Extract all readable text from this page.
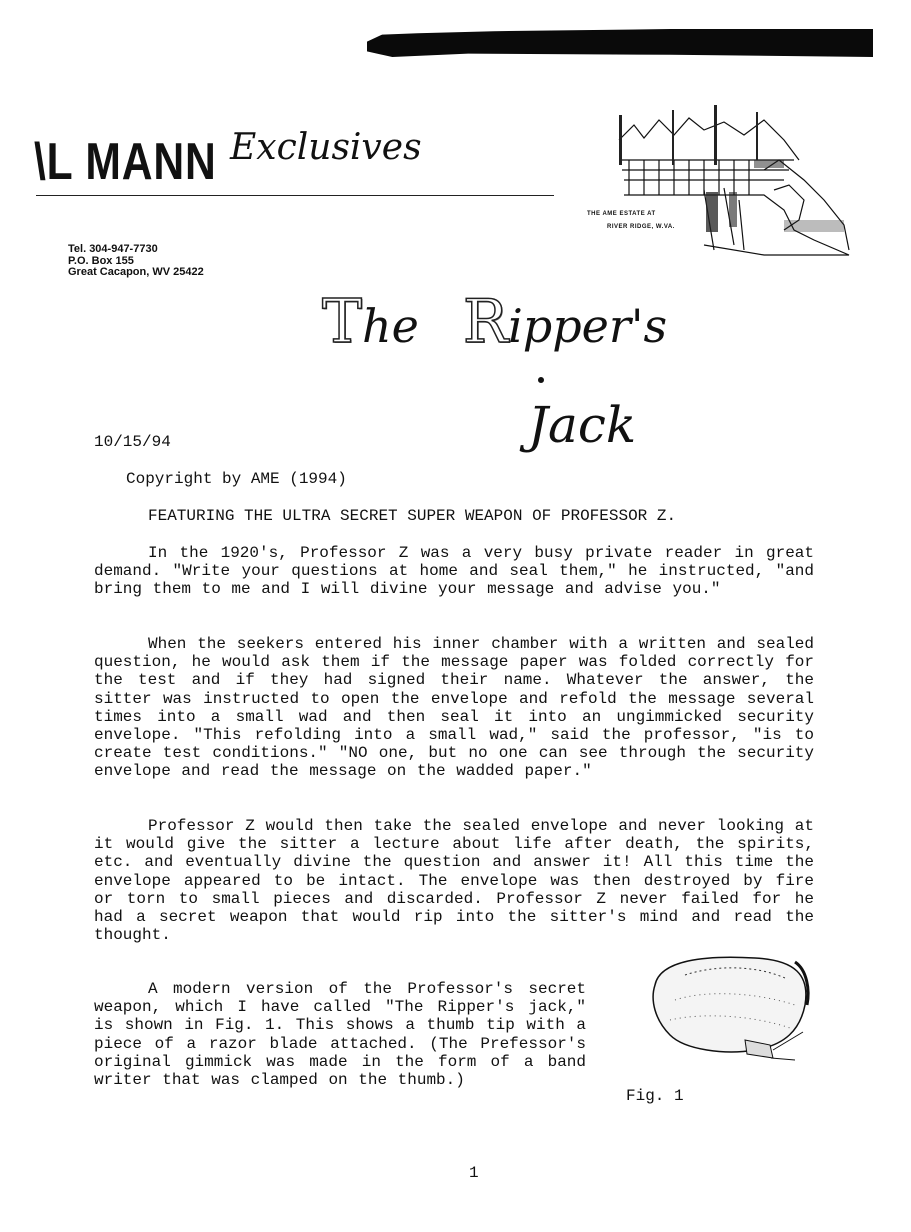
\L MANN Exclusives
Tel. 304-947-7730
P.O. Box 155
Great Cacapon, WV 25422
THE AME ESTATE AT
RIVER RIDGE, W.VA.
The Ripper's
Jack
10/15/94
Copyright by AME (1994)
FEATURING THE ULTRA SECRET SUPER WEAPON OF PROFESSOR Z.
In the 1920's, Professor Z was a very busy private reader in great demand. "Write your questions at home and seal them," he instructed, "and bring them to me and I will divine your message and advise you."
When the seekers entered his inner chamber with a written and sealed question, he would ask them if the message paper was folded correctly for the test and if they had signed their name. Whatever the answer, the sitter was instructed to open the envelope and refold the message several times into a small wad and then seal it into an ungimmicked security envelope. "This refolding into a small wad," said the professor, "is to create test conditions." "NO one, but no one can see through the security envelope and read the message on the wadded paper."
Professor Z would then take the sealed envelope and never looking at it would give the sitter a lecture about life after death, the spirits, etc. and eventually divine the question and answer it! All this time the envelope appeared to be intact. The envelope was then destroyed by fire or torn to small pieces and discarded. Professor Z never failed for he had a secret weapon that would rip into the sitter's mind and read the thought.
A modern version of the Professor's secret weapon, which I have called "The Ripper's jack," is shown in Fig. 1. This shows a thumb tip with a piece of a razor blade attached. (The Prefessor's original gimmick was made in the form of a band writer that was clamped on the thumb.)
Fig. 1
1
